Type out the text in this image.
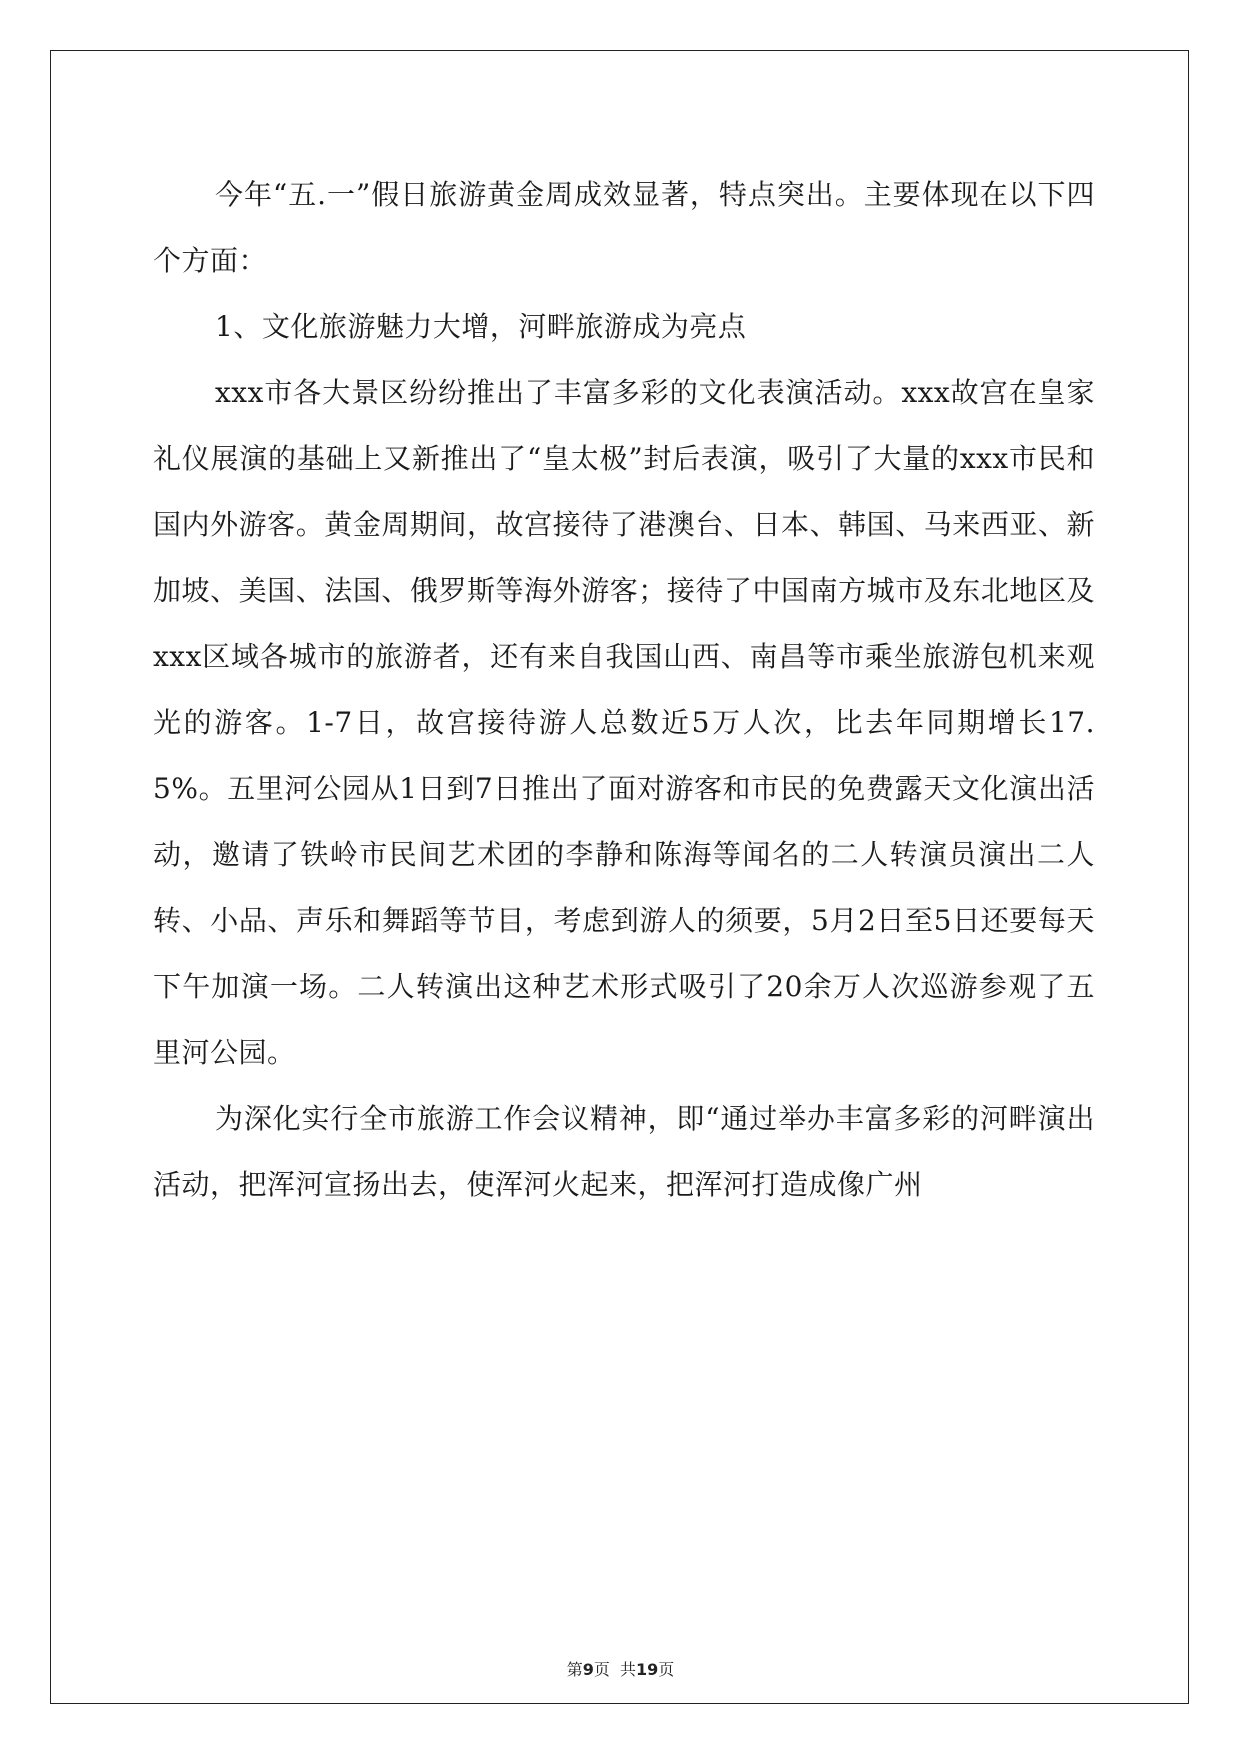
今年“五.一”假日旅游黄金周成效显著，特点突出。主要体现在以下四个方面：

1、文化旅游魅力大增，河畔旅游成为亮点

xxx市各大景区纷纷推出了丰富多彩的文化表演活动。xxx故宫在皇家礼仪展演的基础上又新推出了“皇太极”封后表演，吸引了大量的xxx市民和国内外游客。黄金周期间，故宫接待了港澳台、日本、韩国、马来西亚、新加坡、美国、法国、俄罗斯等海外游客；接待了中国南方城市及东北地区及xxx区域各城市的旅游者，还有来自我国山西、南昌等市乘坐旅游包机来观光的游客。1-7日，故宫接待游人总数近5万人次，比去年同期增长17.5%。五里河公园从1日到7日推出了面对游客和市民的免费露天文化演出活动，邀请了铁岭市民间艺术团的李静和陈海等闻名的二人转演员演出二人转、小品、声乐和舞蹈等节目，考虑到游人的须要，5月2日至5日还要每天下午加演一场。二人转演出这种艺术形式吸引了20余万人次巡游参观了五里河公园。

为深化实行全市旅游工作会议精神，即“通过举办丰富多彩的河畔演出活动，把浑河宣扬出去，使浑河火起来，把浑河打造成像广州

第9页  共19页
